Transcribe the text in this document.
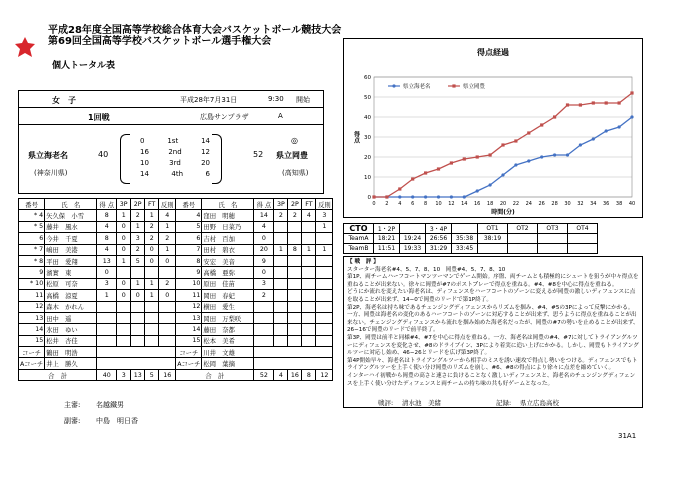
平成28年度全国高等学校総合体育大会バスケットボール競技大会
第69回全国高等学校バスケットボール選手権大会
個人トータル表
女　子	平成28年7月31日	9:30 開始
1回戦	広島サンプラザ	A
県立海老名
(神奈川県)
40
0	1st	14
16	2nd	12
10	3rd	20
14	4th	6
52
◎
県立岡豊
(高知県)
番号	氏　名	得 点	3P	2P	FT	反則	番号	氏　名	得 点	3P	2P	FT	反則
* 4	矢久保　小雪	8	1	2	1	4	4	窪田　明穂	14	2	2	4	3
* 5	藤井　風水	4	0	1	2	1	5	田野　日菜乃	4				1
6	今井　千夏	8	0	3	2	2	6	吉村　百加	0				
* 7	嶋田　美港	4	0	2	0	1	7	田村　碧衣	20	1	8	1	1
* 8	平田　愛翔	13	1	5	0	0	8	安宏　美音	9				
9	濱實　東	0					9	高橋　亜弥	0				
* 10	松原　可奈	3	0	1	1	2	10	原田　佳苗	3				
11	高橋　涼夏	1	0	0	1	0	11	岡田　春妃	2				
12	森木　かれん						12	横田　愛生					
13	田中　遥						13	岡田　万梨咲					
14	氷田　ゆい						14	藤田　奈都					
15	松井　杏佳						15	松本　美希					
コーチ	鶴田　明浩						コーチ	川井　文雄					
Aコーチ	井上　勝久						Aコーチ	松岡　葉摘					
合　計		40	3	13	5	16	合　計		52	4	16	8	12
主審: 名越鐵男
副審: 中島　明日香
得点経過
0
10
20
30
40
50
60
0 2 4 6 8 10 12 14 16 18 20 22 24 26 28 30 32 34 36 38 40
時間(分)
得点
県立海老名	県立岡豊
CTO	1・2P		3・4P		OT1	OT2	OT3	OT4
TeamA	18:21	19:24	26:56	35:38	38:19			
TeamB	11:51	19:33	31:29	33:45				

【 戦　評 】

スターター海老名#4、5、7、8、10　岡豊#4、5、7、8、10

第1P、両チームハーフコートマンツーマンでゲーム開始。序盤、両チームとも積極的にシュートを狙うが中々得点を重ねることが出来ない。徐々に岡豊が#7のポストプレーで得点を重ねる。#4、#8を中心に得点を重ねる。

どうにか流れを変えたい海老名は、ディフェンスをハーフコートのゾーンに変えるが岡豊の激しいディフェンスに点を取ることが出来ず、14−0で岡豊のリードで第1P終了。

第2P、海老名は持ち味であるチェンジングディフェンスからリズムを掴み、#4、#5の3Pによって反撃にかかる。一方、岡豊は海老名の変化のあるハーフコートのゾーンに対応することが出来ず、思うように得点を重ねることが出来ない。チェンジングディフェンスから流れを掴み始めた海老名だったが、岡豊の#7の勢いを止めることが出来ず、26−16で岡豊のリードで前半終了。

第3P、岡豊は前半と同様#4、#7を中心に得点を重ねる。一方、海老名は岡豊の#4、#7に対してトライアングルツーにディフェンスを変化させ、#8のドライブイン、3Pにより着実に追い上げにかかる。しかし、岡豊もトライアングルツーに対応し始め、46−26とリードを広げ第3P終了。

第4P開始早々、海老名はトライアングルツーから相手のミスを誘い速攻で得点し勢いをつける。ディフェンスでもトライアングルツーを上手く使い分け岡豊のリズムを崩し、#6、#8の得点により徐々に点差を縮めていく。

インターハイ初戦から岡豊の高さと速さに負けることなく激しいディフェンスと、海老名のチェンジングディフェンスを上手く使い分けたディフェンスと両チームの持ち味の共も好ゲームとなった。

戦評: 清水池　美緒	記録: 県立広島高校
31A1
